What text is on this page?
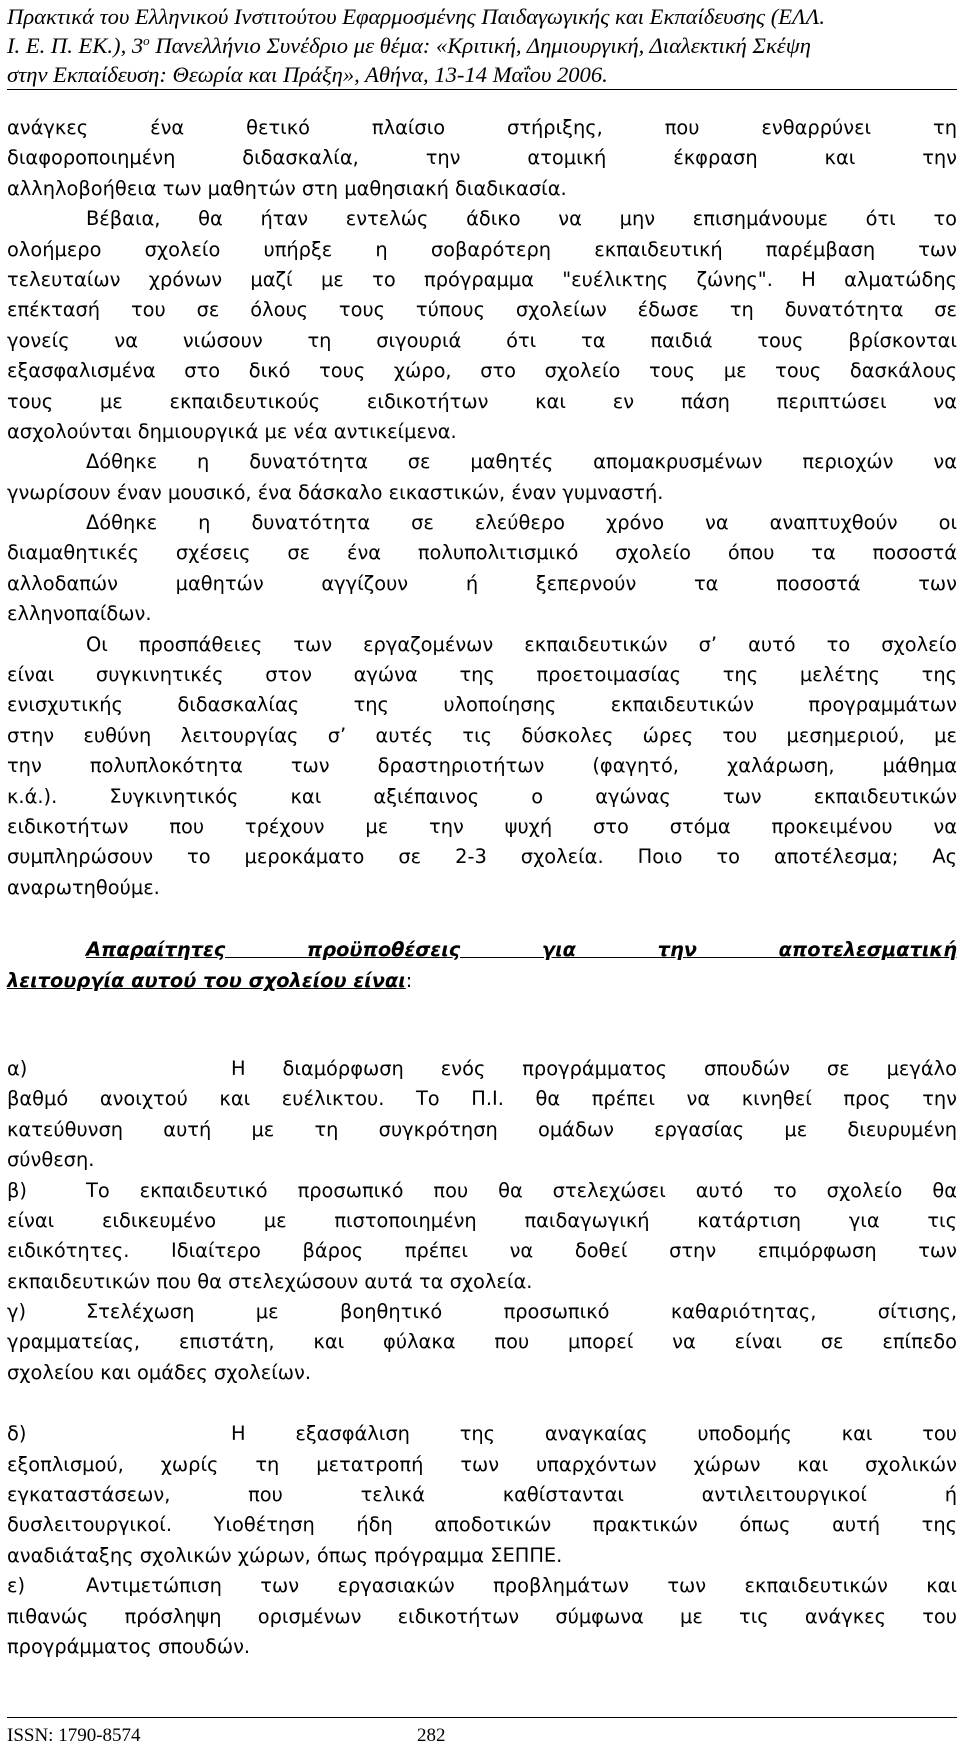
Πρακτικά του Ελληνικού Ινστιτούτου Εφαρμοσμένης Παιδαγωγικής και Εκπαίδευσης (ΕΛΛ.
Ι. Ε. Π. ΕΚ.), $3^o$ Πανελλήνιο Συνέδριο με θέμα: «Κριτική, Δημιουργική, Διαλεκτική Σκέψη
στην Εκπαίδευση: Θεωρία και Πράξη», Αθήνα, 13-14 Μαΐου 2006.
ανάγκες ένα θετικό πλαίσιο στήριξης, που ενθαρρύνει τη
διαφοροποιημένη διδασκαλία, την ατομική έκφραση και την
αλληλοβοήθεια των μαθητών στη μαθησιακή διαδικασία.
Βέβαια, θα ήταν εντελώς άδικο να μην επισημάνουμε ότι το
ολοήμερο σχολείο υπήρξε η σοβαρότερη εκπαιδευτική παρέμβαση των
τελευταίων χρόνων μαζί με το πρόγραμμα "ευέλικτης ζώνης". Η αλματώδης
επέκτασή του σε όλους τους τύπους σχολείων έδωσε τη δυνατότητα σε
γονείς να νιώσουν τη σιγουριά ότι τα παιδιά τους βρίσκονται
εξασφαλισμένα στο δικό τους χώρο, στο σχολείο τους με τους δασκάλους
τους με εκπαιδευτικούς ειδικοτήτων και εν πάση περιπτώσει να
ασχολούνται δημιουργικά με νέα αντικείμενα.
Δόθηκε η δυνατότητα σε μαθητές απομακρυσμένων περιοχών να
γνωρίσουν έναν μουσικό, ένα δάσκαλο εικαστικών, έναν γυμναστή.
Δόθηκε η δυνατότητα σε ελεύθερο χρόνο να αναπτυχθούν οι
διαμαθητικές σχέσεις σε ένα πολυπολιτισμικό σχολείο όπου τα ποσοστά
αλλοδαπών μαθητών αγγίζουν ή ξεπερνούν τα ποσοστά των
ελληνοπαίδων.
Οι προσπάθειες των εργαζομένων εκπαιδευτικών σ’ αυτό το σχολείο
είναι συγκινητικές στον αγώνα της προετοιμασίας της μελέτης της
ενισχυτικής διδασκαλίας της υλοποίησης εκπαιδευτικών προγραμμάτων
στην ευθύνη λειτουργίας σ’ αυτές τις δύσκολες ώρες του μεσημεριού, με
την πολυπλοκότητα των δραστηριοτήτων (φαγητό, χαλάρωση, μάθημα
κ.ά.). Συγκινητικός και αξιέπαινος ο αγώνας των εκπαιδευτικών
ειδικοτήτων που τρέχουν με την ψυχή στο στόμα προκειμένου να
συμπληρώσουν το μεροκάματο σε 2-3 σχολεία. Ποιο το αποτέλεσμα; Ας
αναρωτηθούμε.
Απαραίτητες προϋποθέσεις για την αποτελεσματική
λειτουργία αυτού του σχολείου είναι:
α)	Η διαμόρφωση ενός προγράμματος σπουδών σε μεγάλο
βαθμό ανοιχτού και ευέλικτου. Το Π.Ι. θα πρέπει να κινηθεί προς την
κατεύθυνση αυτή με τη συγκρότηση ομάδων εργασίας με διευρυμένη
σύνθεση.
β)	Το εκπαιδευτικό προσωπικό που θα στελεχώσει αυτό το σχολείο θα
είναι ειδικευμένο με πιστοποιημένη παιδαγωγική κατάρτιση για τις
ειδικότητες. Ιδιαίτερο βάρος πρέπει να δοθεί στην επιμόρφωση των
εκπαιδευτικών που θα στελεχώσουν αυτά τα σχολεία.
γ)	Στελέχωση με βοηθητικό προσωπικό καθαριότητας, σίτισης,
γραμματείας, επιστάτη, και φύλακα που μπορεί να είναι σε επίπεδο
σχολείου και ομάδες σχολείων.
δ)	Η εξασφάλιση της αναγκαίας υποδομής και του
εξοπλισμού, χωρίς τη μετατροπή των υπαρχόντων χώρων και σχολικών
εγκαταστάσεων, που τελικά καθίστανται αντιλειτουργικοί ή
δυσλειτουργικοί. Υιοθέτηση ήδη αποδοτικών πρακτικών όπως αυτή της
αναδιάταξης σχολικών χώρων, όπως πρόγραμμα ΣΕΠΠΕ.
ε)	Αντιμετώπιση των εργασιακών προβλημάτων των εκπαιδευτικών και
πιθανώς πρόσληψη ορισμένων ειδικοτήτων σύμφωνα με τις ανάγκες του
προγράμματος σπουδών.
ISSN: 1790-8574	282
